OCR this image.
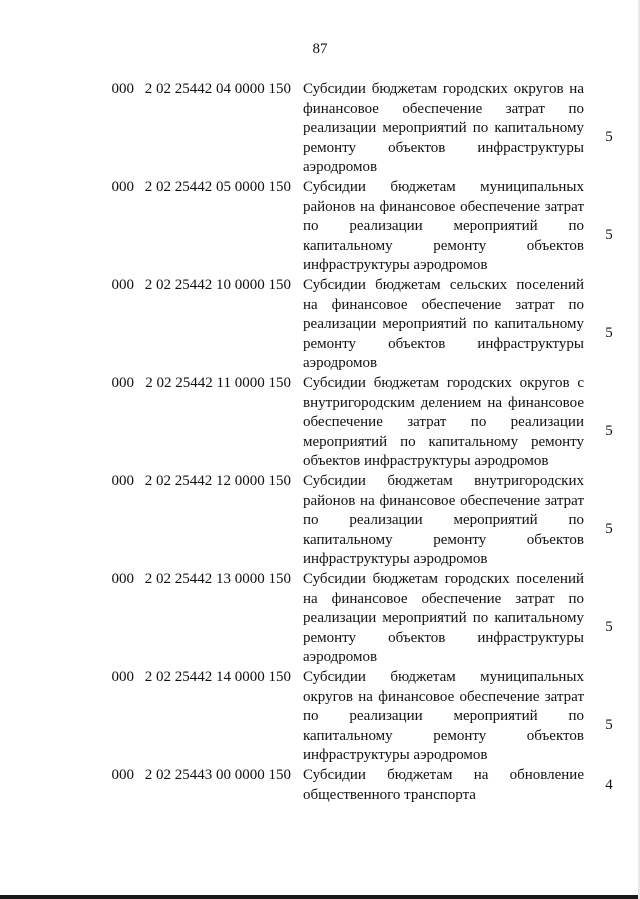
87
000 2 02 25442 04 0000 150 Субсидии бюджетам городских округов на
финансовое обеспечение затрат по
реализации мероприятий по капитальному
ремонту объектов инфраструктуры
аэродромов
5
000 2 02 25442 05 0000 150 Субсидии бюджетам муниципальных
районов на финансовое обеспечение затрат
по реализации мероприятий по
капитальному ремонту объектов
инфраструктуры аэродромов
5
000 2 02 25442 10 0000 150 Субсидии бюджетам сельских поселений
на финансовое обеспечение затрат по
реализации мероприятий по капитальному
ремонту объектов инфраструктуры
аэродромов
5
000 2 02 25442 11 0000 150 Субсидии бюджетам городских округов с
внутригородским делением на финансовое
обеспечение затрат по реализации
мероприятий по капитальному ремонту
объектов инфраструктуры аэродромов
5
000 2 02 25442 12 0000 150 Субсидии бюджетам внутригородских
районов на финансовое обеспечение затрат
по реализации мероприятий по
капитальному ремонту объектов
инфраструктуры аэродромов
5
000 2 02 25442 13 0000 150 Субсидии бюджетам городских поселений
на финансовое обеспечение затрат по
реализации мероприятий по капитальному
ремонту объектов инфраструктуры
аэродромов
5
000 2 02 25442 14 0000 150 Субсидии бюджетам муниципальных
округов на финансовое обеспечение затрат
по реализации мероприятий по
капитальному ремонту объектов
инфраструктуры аэродромов
5
000 2 02 25443 00 0000 150 Субсидии бюджетам на обновление
общественного транспорта
4
